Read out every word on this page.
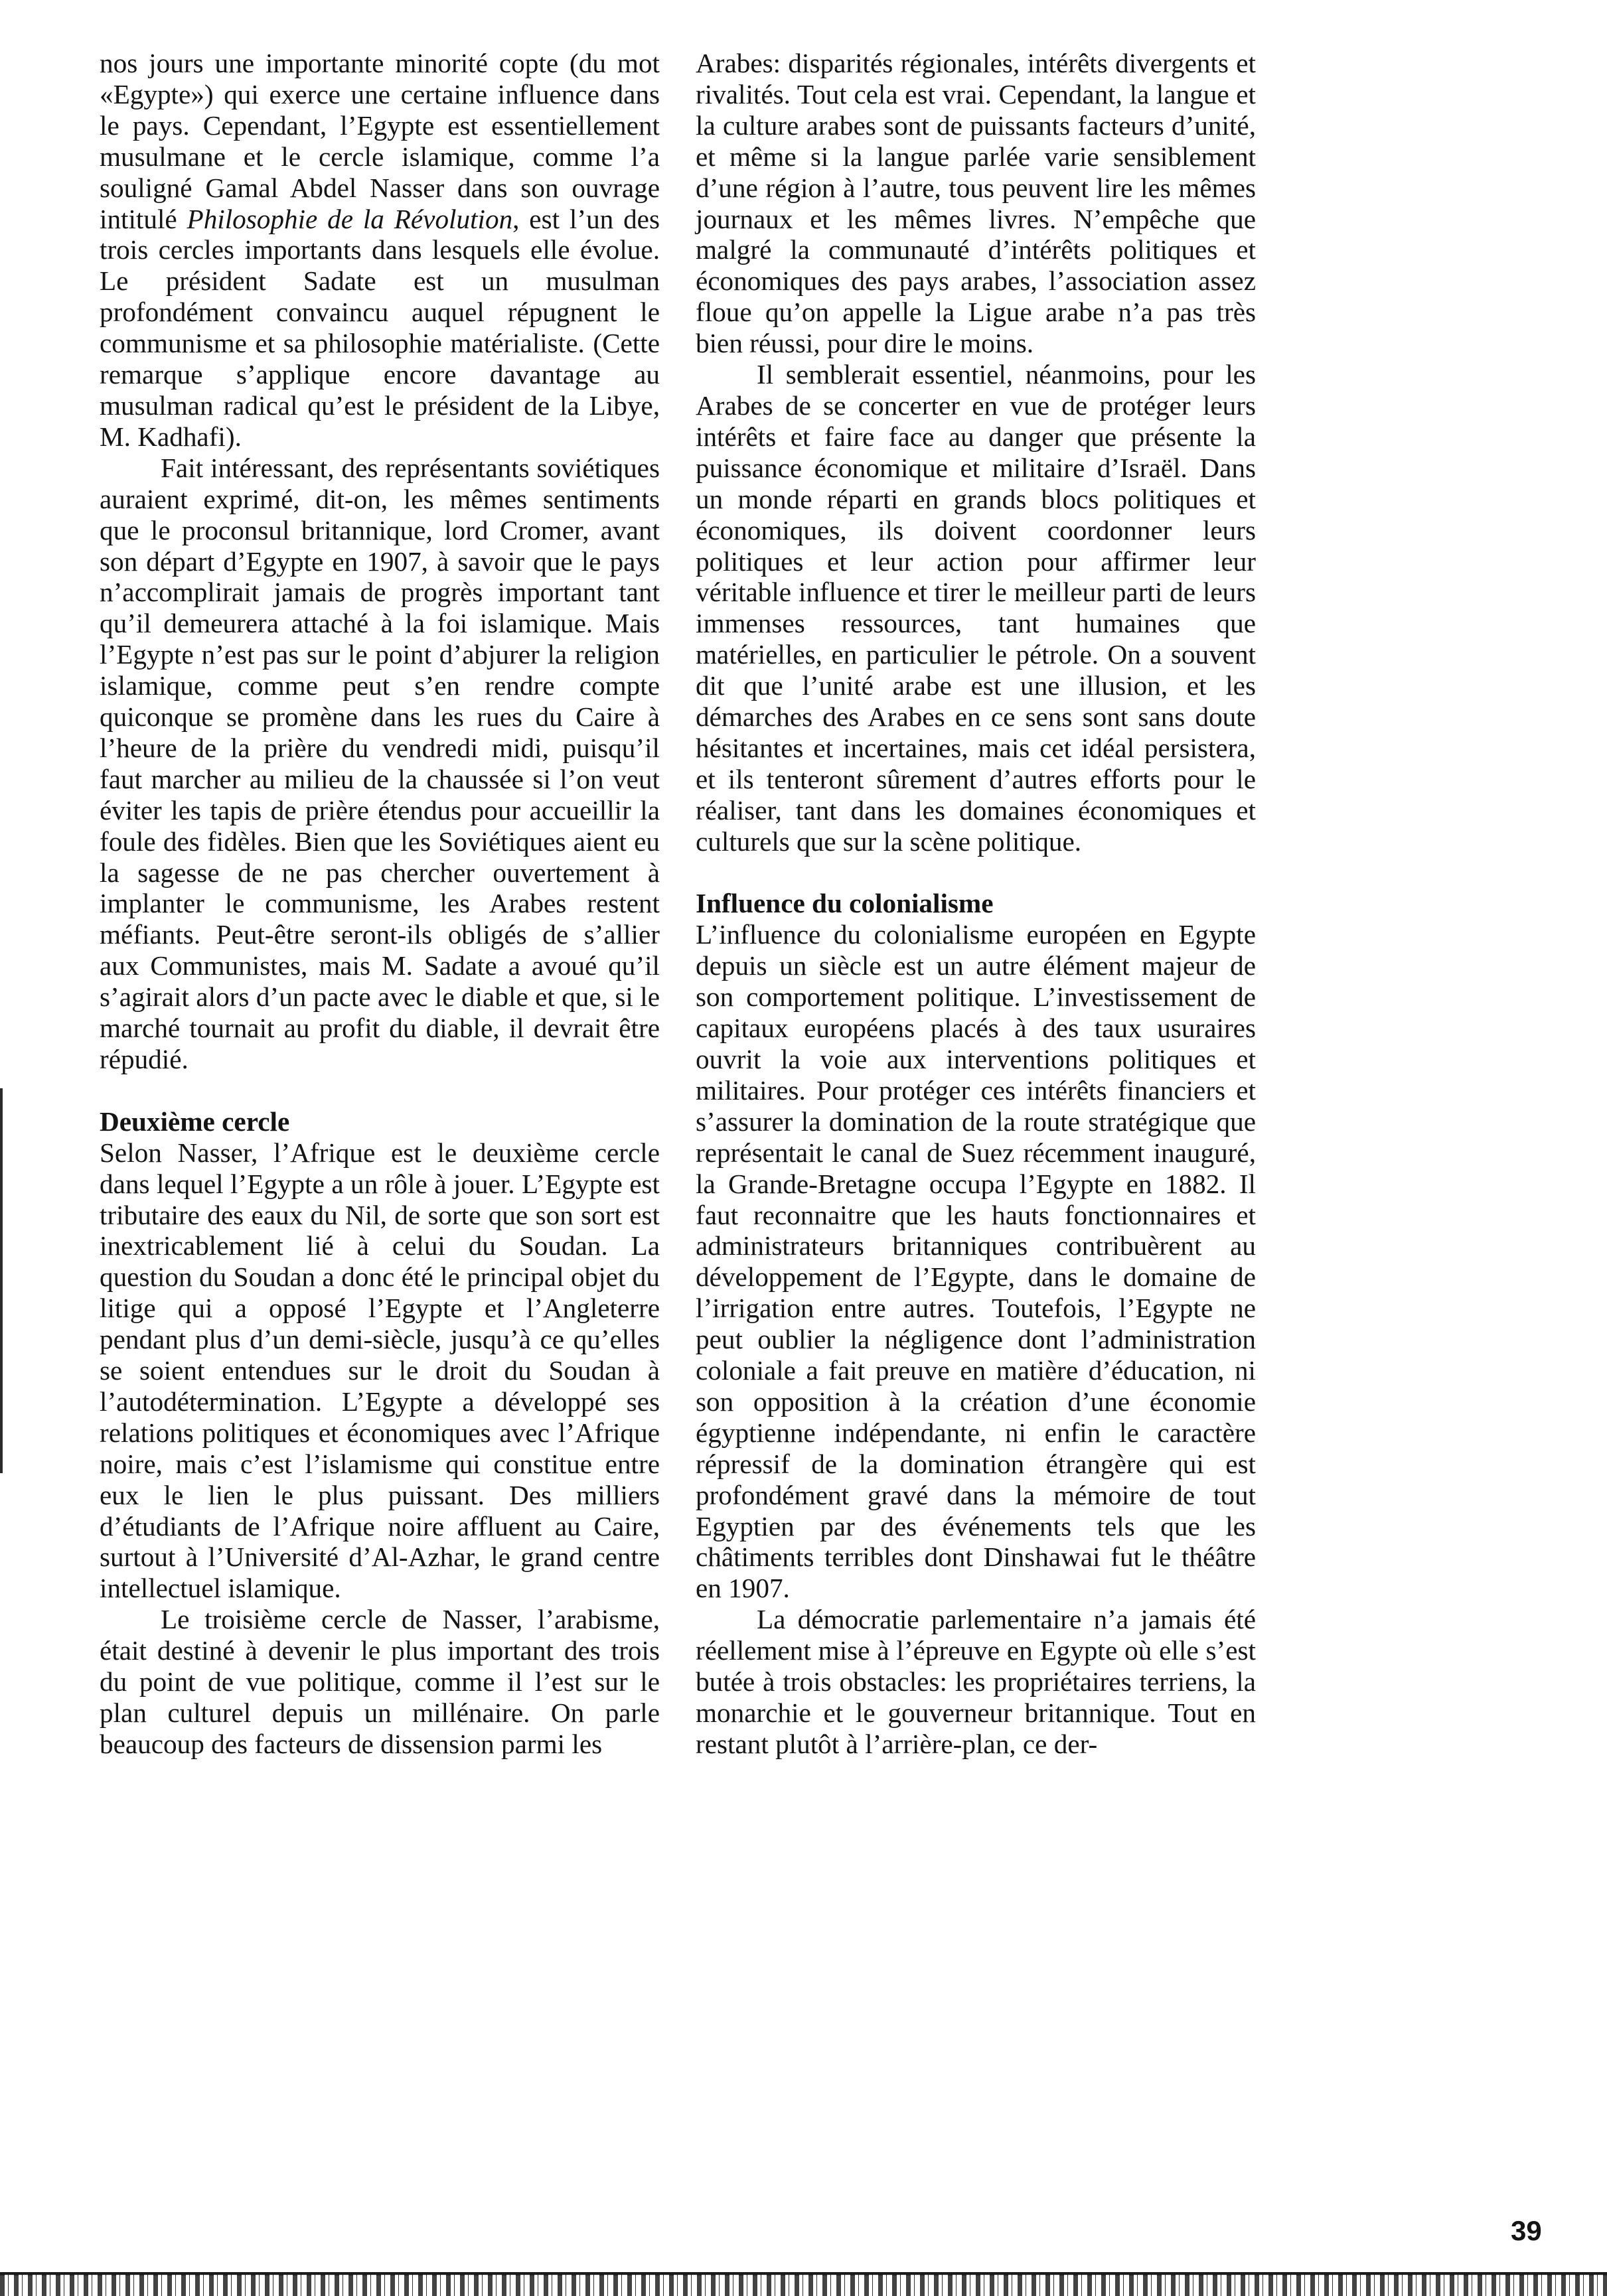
nos jours une importante minorité copte (du mot «Egypte») qui exerce une certaine influence dans le pays. Cependant, l’Egypte est essentiellement musulmane et le cercle islamique, comme l’a souligné Gamal Abdel Nasser dans son ouvrage intitulé Philosophie de la Révolution, est l’un des trois cercles importants dans lesquels elle évolue. Le président Sadate est un musulman profondément convaincu auquel répugnent le communisme et sa philosophie matérialiste. (Cette remarque s’applique encore davantage au musulman radical qu’est le président de la Libye, M. Kadhafi).

Fait intéressant, des représentants soviétiques auraient exprimé, dit-on, les mêmes sentiments que le proconsul britannique, lord Cromer, avant son départ d’Egypte en 1907, à savoir que le pays n’accomplirait jamais de progrès important tant qu’il demeurera attaché à la foi islamique. Mais l’Egypte n’est pas sur le point d’abjurer la religion islamique, comme peut s’en rendre compte quiconque se promène dans les rues du Caire à l’heure de la prière du vendredi midi, puisqu’il faut marcher au milieu de la chaussée si l’on veut éviter les tapis de prière étendus pour accueillir la foule des fidèles. Bien que les Soviétiques aient eu la sagesse de ne pas chercher ouvertement à implanter le communisme, les Arabes restent méfiants. Peut-être seront-ils obligés de s’allier aux Communistes, mais M. Sadate a avoué qu’il s’agirait alors d’un pacte avec le diable et que, si le marché tournait au profit du diable, il devrait être répudié.

Deuxième cercle

Selon Nasser, l’Afrique est le deuxième cercle dans lequel l’Egypte a un rôle à jouer. L’Egypte est tributaire des eaux du Nil, de sorte que son sort est inextricablement lié à celui du Soudan. La question du Soudan a donc été le principal objet du litige qui a opposé l’Egypte et l’Angleterre pendant plus d’un demi-siècle, jusqu’à ce qu’elles se soient entendues sur le droit du Soudan à l’autodétermination. L’Egypte a développé ses relations politiques et économiques avec l’Afrique noire, mais c’est l’islamisme qui constitue entre eux le lien le plus puissant. Des milliers d’étudiants de l’Afrique noire affluent au Caire, surtout à l’Université d’Al-Azhar, le grand centre intellectuel islamique.

Le troisième cercle de Nasser, l’arabisme, était destiné à devenir le plus important des trois du point de vue politique, comme il l’est sur le plan culturel depuis un millénaire. On parle beaucoup des facteurs de dissension parmi les

Arabes: disparités régionales, intérêts divergents et rivalités. Tout cela est vrai. Cependant, la langue et la culture arabes sont de puissants facteurs d’unité, et même si la langue parlée varie sensiblement d’une région à l’autre, tous peuvent lire les mêmes journaux et les mêmes livres. N’empêche que malgré la communauté d’intérêts politiques et économiques des pays arabes, l’association assez floue qu’on appelle la Ligue arabe n’a pas très bien réussi, pour dire le moins.

Il semblerait essentiel, néanmoins, pour les Arabes de se concerter en vue de protéger leurs intérêts et faire face au danger que présente la puissance économique et militaire d’Israël. Dans un monde réparti en grands blocs politiques et économiques, ils doivent coordonner leurs politiques et leur action pour affirmer leur véritable influence et tirer le meilleur parti de leurs immenses ressources, tant humaines que matérielles, en particulier le pétrole. On a souvent dit que l’unité arabe est une illusion, et les démarches des Arabes en ce sens sont sans doute hésitantes et incertaines, mais cet idéal persistera, et ils tenteront sûrement d’autres efforts pour le réaliser, tant dans les domaines économiques et culturels que sur la scène politique.

Influence du colonialisme

L’influence du colonialisme européen en Egypte depuis un siècle est un autre élément majeur de son comportement politique. L’investissement de capitaux européens placés à des taux usuraires ouvrit la voie aux interventions politiques et militaires. Pour protéger ces intérêts financiers et s’assurer la domination de la route stratégique que représentait le canal de Suez récemment inauguré, la Grande-Bretagne occupa l’Egypte en 1882. Il faut reconnaitre que les hauts fonctionnaires et administrateurs britanniques contribuèrent au développement de l’Egypte, dans le domaine de l’irrigation entre autres. Toutefois, l’Egypte ne peut oublier la négligence dont l’administration coloniale a fait preuve en matière d’éducation, ni son opposition à la création d’une économie égyptienne indépendante, ni enfin le caractère répressif de la domination étrangère qui est profondément gravé dans la mémoire de tout Egyptien par des événements tels que les châtiments terribles dont Dinshawai fut le théâtre en 1907.

La démocratie parlementaire n’a jamais été réellement mise à l’épreuve en Egypte où elle s’est butée à trois obstacles: les propriétaires terriens, la monarchie et le gouverneur britannique. Tout en restant plutôt à l’arrière-plan, ce der-

39
